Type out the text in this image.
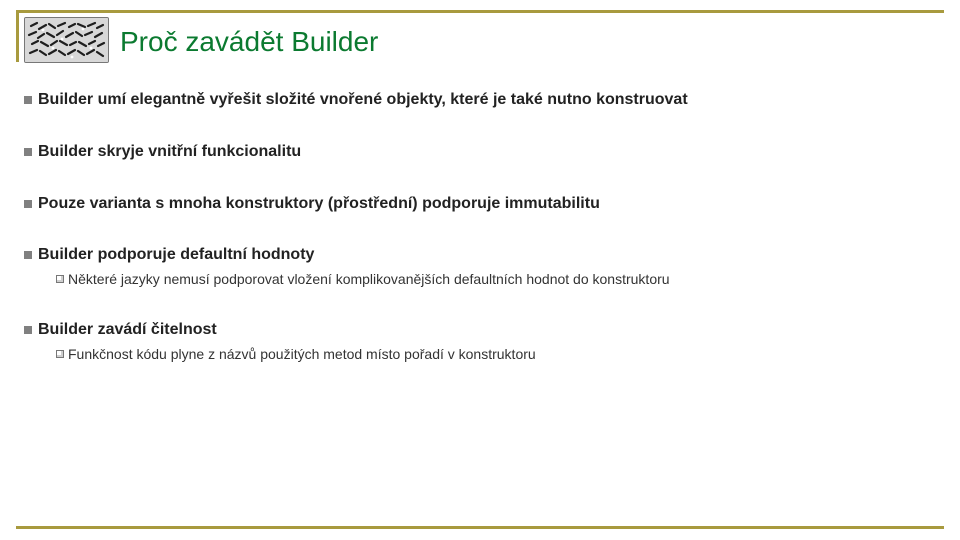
Proč zavádět Builder
Builder umí elegantně vyřešit složité vnořené objekty, které je také nutno konstruovat
Builder skryje vnitřní funkcionalitu
Pouze varianta s mnoha konstruktory (přostřední) podporuje immutabilitu
Builder podporuje defaultní hodnoty
Některé jazyky nemusí podporovat vložení komplikovanějších defaultních hodnot do konstruktoru
Builder zavádí čitelnost
Funkčnost kódu plyne z názvů použitých metod místo pořadí v konstruktoru
